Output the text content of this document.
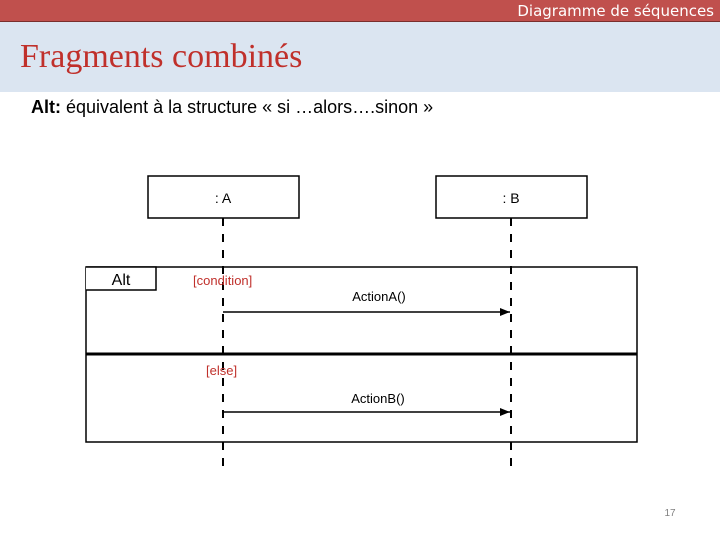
Diagramme de séquences
Fragments combinés
Alt: équivalent à la structure « si …alors….sinon »
: A	: B
Alt	[condition]
ActionA()
[else]
ActionB()
17
